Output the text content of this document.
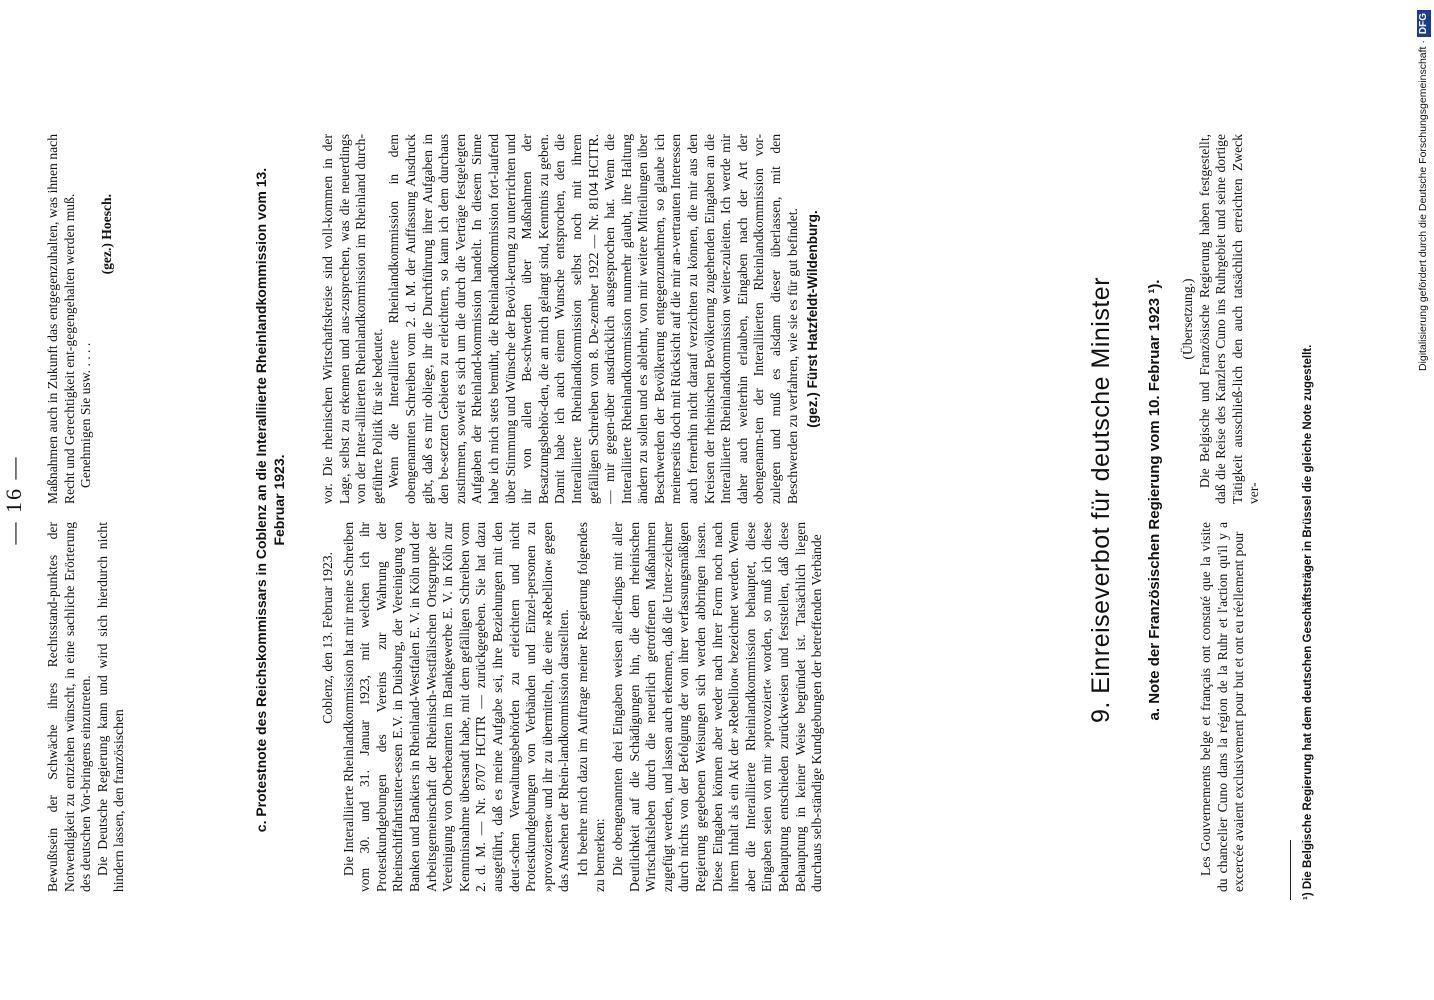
— 16 —

Bewußtsein der Schwäche ihres Rechtsstand-punktes der Notwendigkeit zu entziehen wünscht, in eine sachliche Erörterung des deutschen Vor-bringens einzutreten. Die Deutsche Regierung kann und wird sich hierdurch nicht hindern lassen, den französischen

Maßnahmen auch in Zukunft das entgegenzuhalten, was ihnen nach Recht und Gerechtigkeit ent-gegengehalten werden muß. Genehmigen Sie usw. . . . .

(gez.) Hoesch.	c. Protestnote des Reichskommissars in Coblenz an die Interalliierte Rheinlandkommission vom 13. Februar 1923.

Coblenz, den 13. Februar 1923. Die Interalliierte Rheinlandkommission hat mir meine Schreiben vom 30. und 31. Januar 1923, mit welchen ich ihr Protestkundgebungen des Vereins zur Wahrung der Rheinschiffahrtsinter-essen E.V. in Duisburg, der Vereinigung von Banken und Bankiers in Rheinland-Westfalen E. V. in Köln und der Arbeitsgemeinschaft der Rheinisch-Westfälischen Ortsgruppe der Vereinigung von Oberbeamten im Bankgewerbe E. V. in Köln zur Kenntnisnahme übersandt habe, mit dem gefälligen Schreiben vom 2. d. M. — Nr. 8707 HCITR — zurückgegeben. Sie hat dazu ausgeführt, daß es meine Aufgabe sei, ihre Beziehungen mit den deut-schen Verwaltungsbehörden zu erleichtern und nicht Protestkundgebungen von Verbänden und Einzel-personen zu »provozieren« und ihr zu übermitteln, die eine »Rebellion« gegen das Ansehen der Rhein-landkommission darstellten. Ich beehre mich dazu im Auftrage meiner Re-gierung folgendes zu bemerken: Die obengenannten drei Eingaben weisen aller-dings mit aller Deutlichkeit auf die Schädigungen hin, die dem rheinischen Wirtschaftsleben durch die neuerlich getroffenen Maßnahmen zugefügt werden, und lassen auch erkennen, daß die Unter-zeichner durch nichts von der Befolgung der von ihrer verfassungsmäßigen Regierung gegebenen Weisungen sich werden abbringen lassen. Diese Eingaben können aber weder nach ihrer Form noch nach ihrem Inhalt als ein Akt der »Rebellion« bezeichnet werden. Wenn aber die Interalliierte Rheinlandkommission behauptet, diese Eingaben seien von mir »provoziert« worden, so muß ich diese Behauptung entschieden zurückweisen und feststellen, daß diese Behauptung in keiner Weise begründet ist. Tatsächlich liegen durchaus selb-ständige Kundgebungen der betreffenden Verbände

vor. Die rheinischen Wirtschaftskreise sind voll-kommen in der Lage, selbst zu erkennen und aus-zusprechen, was die neuerdings von der Inter-alliierten Rheinlandkommission im Rheinland durch-geführte Politik für sie bedeutet. Wenn die Interalliierte Rheinlandkommission in dem obengenannten Schreiben vom 2. d. M. der Auffassung Ausdruck gibt, daß es mir obliege, ihr die Durchführung ihrer Aufgaben in den be-setzten Gebieten zu erleichtern, so kann ich dem durchaus zustimmen, soweit es sich um die durch die Verträge festgelegten Aufgaben der Rheinland-kommission handelt. In diesem Sinne habe ich mich stets bemüht, die Rheinlandkommission fort-laufend über Stimmung und Wünsche der Bevöl-kerung zu unterrichten und ihr von allen Be-schwerden über Maßnahmen der Besatzungsbehör-den, die an mich gelangt sind, Kenntnis zu geben. Damit habe ich auch einem Wunsche entsprochen, den die Interalliierte Rheinlandkommission selbst noch mit ihrem gefälligen Schreiben vom 8. De-zember 1922 — Nr. 8104 HCITR. — mir gegen-über ausdrücklich ausgesprochen hat. Wenn die Interalliierte Rheinlandkommission nunmehr glaubt, ihre Haltung ändern zu sollen und es ablehnt, von mir weitere Mitteilungen über Beschwerden der Bevölkerung entgegenzunehmen, so glaube ich meinerseits doch mit Rücksicht auf die mir an-vertrauten Interessen auch fernerhin nicht darauf verzichten zu können, die mir aus den Kreisen der rheinischen Bevölkerung zugehenden Eingaben an die Interalliierte Rheinlandkommission weiter-zuleiten. Ich werde mir daher auch weiterhin erlauben, Eingaben nach der Art der obengenann-ten der Interalliierten Rheinlandkommission vor-zulegen und muß es alsdann dieser überlassen, mit den Beschwerden zu verfahren, wie sie es für gut befindet. (gez.) Fürst Hatzfeldt-Wildenburg.	9. Einreiseverbot für deutsche Minister a. Note der Französischen Regierung vom 10. Februar 1923 ¹).	Les Gouvernements belge et français ont constaté que la visite du chancelier Cuno dans la région de la Ruhr et l'action qu'il y a excercée avaient exclusivement pour but et ont eu réellement pour

(Übersetzung.) Die Belgische und Französische Regierung haben festgestellt, daß die Reise des Kanzlers Cuno ins Ruhrgebiet und seine dortige Tätigkeit ausschließ-lich den auch tatsächlich erreichten Zweck ver-	¹) Die Belgische Regierung hat dem deutschen Geschäftsträger in Brüssel die gleiche Note zugestellt.
Digitalisierung gefördert durch die Deutsche Forschungsgemeinschaft ·DFG
